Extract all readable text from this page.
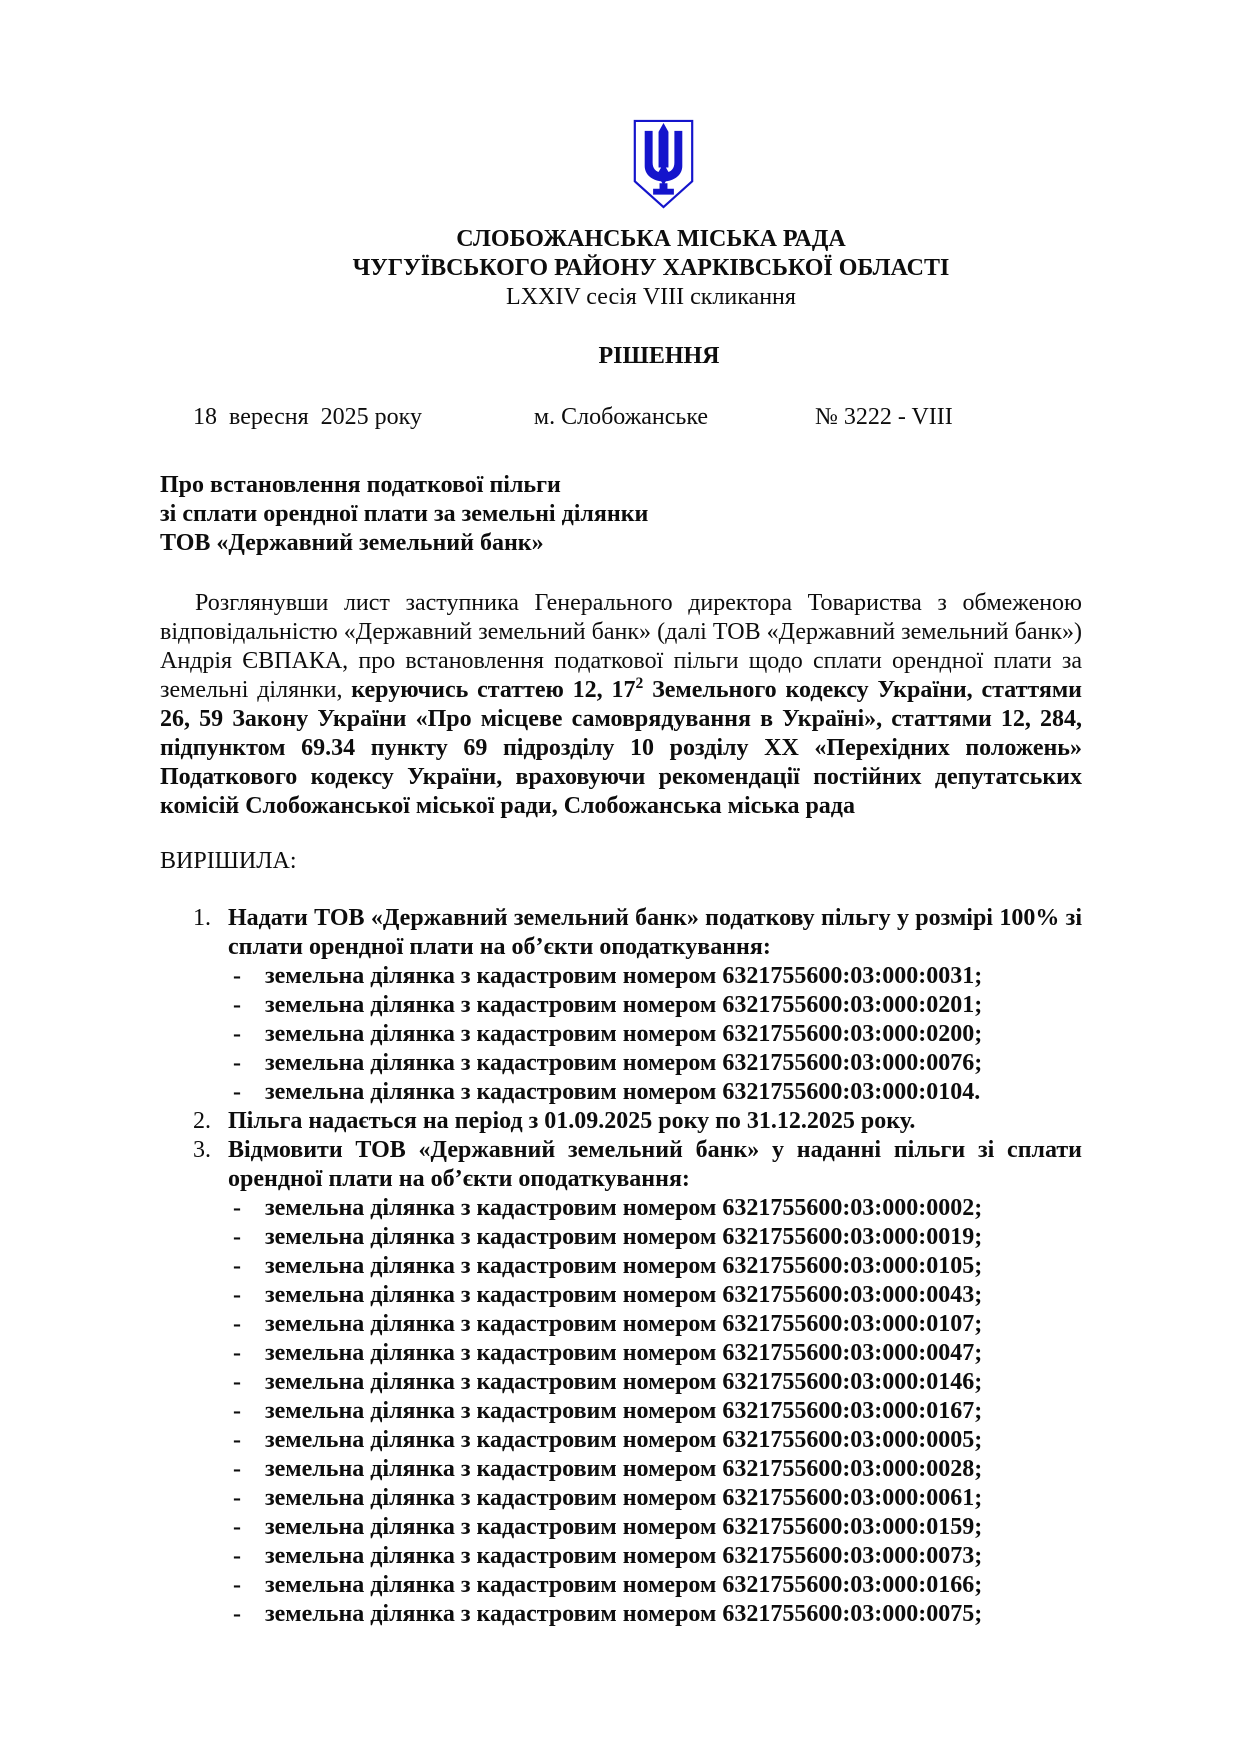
СЛОБОЖАНСЬКА МІСЬКА РАДА
ЧУГУЇВСЬКОГО РАЙОНУ ХАРКІВСЬКОЇ ОБЛАСТІ
LXXIV сесія VIII скликання
РІШЕННЯ
18  вересня  2025 року	м. Слобожанське	№ 3222 - VIII
Про встановлення податкової пільги
зі сплати орендної плати за земельні ділянки
ТОВ «Державний земельний банк»

Розглянувши лист заступника Генерального директора Товариства з обмеженою відповідальністю «Державний земельний банк» (далі ТОВ «Державний земельний банк») Андрія ЄВПАКА, про встановлення податкової пільги щодо сплати орендної плати за земельні ділянки, керуючись статтею 12, $17^2$ Земельного кодексу України, статтями 26, 59 Закону України «Про місцеве самоврядування в Україні», статтями 12, 284, підпунктом 69.34 пункту 69 підрозділу 10 розділу ХХ «Перехідних положень» Податкового кодексу України, враховуючи рекомендації постійних депутатських комісій Слобожанської міської ради, Слобожанська міська рада

ВИРІШИЛА:
1. Надати ТОВ «Державний земельний банк» податкову пільгу у розмірі 100% зі сплати орендної плати на об’єкти оподаткування:
-	земельна ділянка з кадастровим номером 6321755600:03:000:0031;
-	земельна ділянка з кадастровим номером 6321755600:03:000:0201;
-	земельна ділянка з кадастровим номером 6321755600:03:000:0200;
-	земельна ділянка з кадастровим номером 6321755600:03:000:0076;
-	земельна ділянка з кадастровим номером 6321755600:03:000:0104.
2. Пільга надається на період з 01.09.2025 року по 31.12.2025 року.
3. Відмовити ТОВ «Державний земельний банк» у наданні пільги зі сплати орендної плати на об’єкти оподаткування:
-	земельна ділянка з кадастровим номером 6321755600:03:000:0002;
-	земельна ділянка з кадастровим номером 6321755600:03:000:0019;
-	земельна ділянка з кадастровим номером 6321755600:03:000:0105;
-	земельна ділянка з кадастровим номером 6321755600:03:000:0043;
-	земельна ділянка з кадастровим номером 6321755600:03:000:0107;
-	земельна ділянка з кадастровим номером 6321755600:03:000:0047;
-	земельна ділянка з кадастровим номером 6321755600:03:000:0146;
-	земельна ділянка з кадастровим номером 6321755600:03:000:0167;
-	земельна ділянка з кадастровим номером 6321755600:03:000:0005;
-	земельна ділянка з кадастровим номером 6321755600:03:000:0028;
-	земельна ділянка з кадастровим номером 6321755600:03:000:0061;
-	земельна ділянка з кадастровим номером 6321755600:03:000:0159;
-	земельна ділянка з кадастровим номером 6321755600:03:000:0073;
-	земельна ділянка з кадастровим номером 6321755600:03:000:0166;
-	земельна ділянка з кадастровим номером 6321755600:03:000:0075;
